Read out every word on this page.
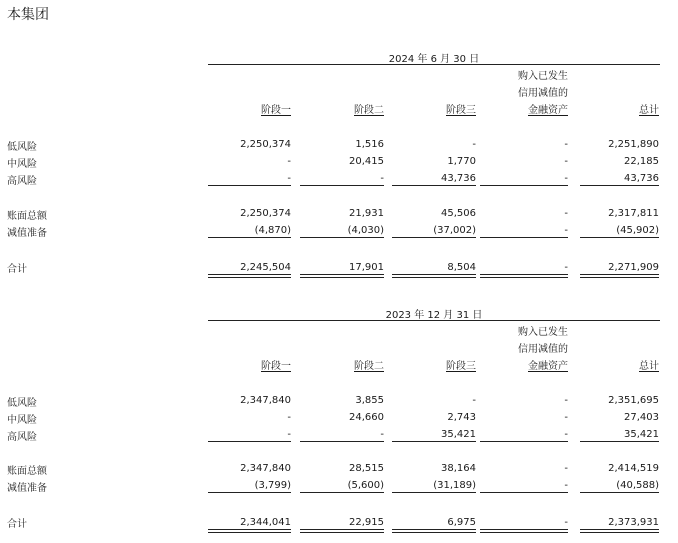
本集团
2024 年 6 月 30 日
购入已发生
信用减值的
阶段一	阶段二	阶段三	金融资产	总计
低风险	2,250,374	1,516	-	-	2,251,890
中风险	-	20,415	1,770	-	22,185
高风险	-	-	43,736	-	43,736
账面总额	2,250,374	21,931	45,506	-	2,317,811
减值准备	(4,870)	(4,030)	(37,002)	-	(45,902)
合计	2,245,504	17,901	8,504	-	2,271,909
2023 年 12 月 31 日
购入已发生
信用减值的
阶段一	阶段二	阶段三	金融资产	总计
低风险	2,347,840	3,855	-	-	2,351,695
中风险	-	24,660	2,743	-	27,403
高风险	-	-	35,421	-	35,421
账面总额	2,347,840	28,515	38,164	-	2,414,519
减值准备	(3,799)	(5,600)	(31,189)	-	(40,588)
合计	2,344,041	22,915	6,975	-	2,373,931
